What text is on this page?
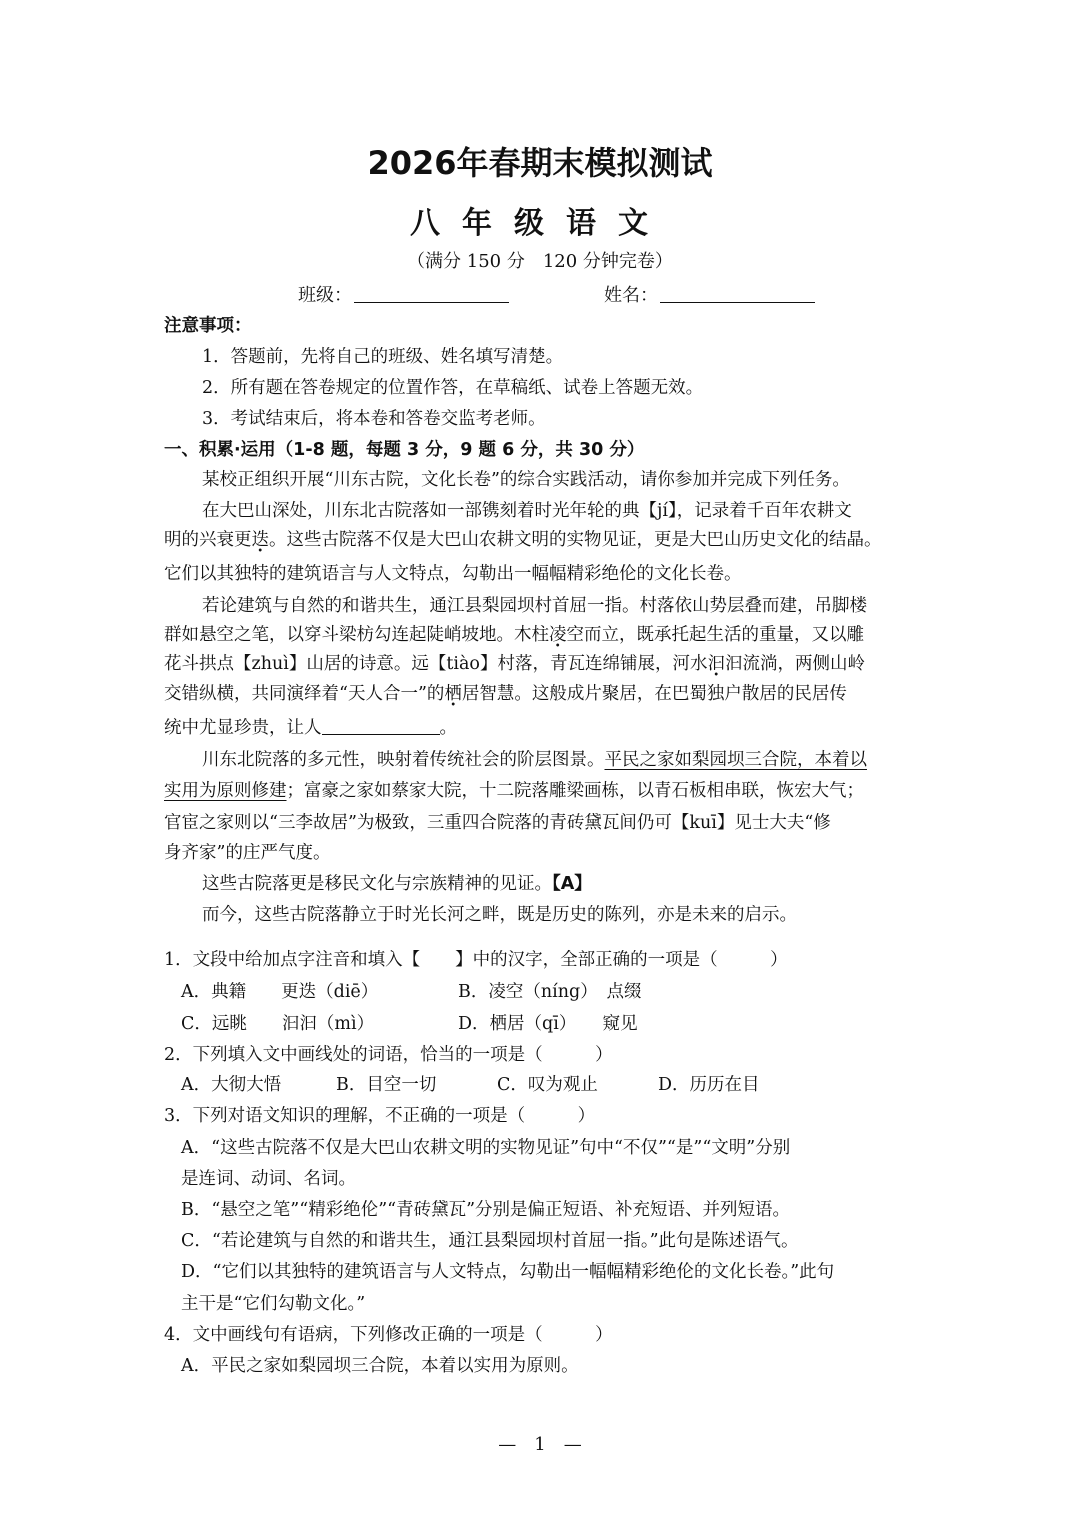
2026年春期末模拟测试
八年级语文
（满分 150 分　120 分钟完卷）
班级：	姓名：
注意事项：
1．答题前，先将自己的班级、姓名填写清楚。
2．所有题在答卷规定的位置作答，在草稿纸、试卷上答题无效。
3．考试结束后，将本卷和答卷交监考老师。
一、积累·运用（1-8 题，每题 3 分，9 题 6 分，共 30 分）
某校正组织开展“川东古院，文化长卷”的综合实践活动，请你参加并完成下列任务。
在大巴山深处，川东北古院落如一部镌刻着时光年轮的典【jí】，记录着千百年农耕文
明的兴衰更迭。这些古院落不仅是大巴山农耕文明的实物见证，更是大巴山历史文化的结晶。
它们以其独特的建筑语言与人文特点，勾勒出一幅幅精彩绝伦的文化长卷。
若论建筑与自然的和谐共生，通江县梨园坝村首屈一指。村落依山势层叠而建，吊脚楼
群如悬空之笔，以穿斗梁枋勾连起陡峭坡地。木柱凌空而立，既承托起生活的重量，又以雕
花斗拱点【zhuì】山居的诗意。远【tiào】村落，青瓦连绵铺展，河水汩汩流淌，两侧山岭
交错纵横，共同演绎着“天人合一”的栖居智慧。这般成片聚居，在巴蜀独户散居的民居传
统中尤显珍贵，让人	。
川东北院落的多元性，映射着传统社会的阶层图景。平民之家如梨园坝三合院，本着以
实用为原则修建；富豪之家如蔡家大院，十二院落雕梁画栋，以青石板相串联，恢宏大气；
官宦之家则以“三李故居”为极致，三重四合院落的青砖黛瓦间仍可【kuī】见士大夫“修
身齐家”的庄严气度。
这些古院落更是移民文化与宗族精神的见证。【A】
而今，这些古院落静立于时光长河之畔，既是历史的陈列，亦是未来的启示。
1．文段中给加点字注音和填入【　　】中的汉字，全部正确的一项是（　　　）
A．典籍　　更迭（diē）	B．凌空（níng）　点缀
C．远眺　　汩汩（mì）	D．栖居（qī）　　窥见
2．下列填入文中画线处的词语，恰当的一项是（　　　）
A．大彻大悟	B．目空一切	C．叹为观止	D．历历在目
3．下列对语文知识的理解，不正确的一项是（　　　）
A．“这些古院落不仅是大巴山农耕文明的实物见证”句中“不仅”“是”“文明”分别
是连词、动词、名词。
B．“悬空之笔”“精彩绝伦”“青砖黛瓦”分别是偏正短语、补充短语、并列短语。
C．“若论建筑与自然的和谐共生，通江县梨园坝村首屈一指。”此句是陈述语气。
D．“它们以其独特的建筑语言与人文特点，勾勒出一幅幅精彩绝伦的文化长卷。”此句
主干是“它们勾勒文化。”
4．文中画线句有语病，下列修改正确的一项是（　　　）
A．平民之家如梨园坝三合院，本着以实用为原则。
—　1　—
